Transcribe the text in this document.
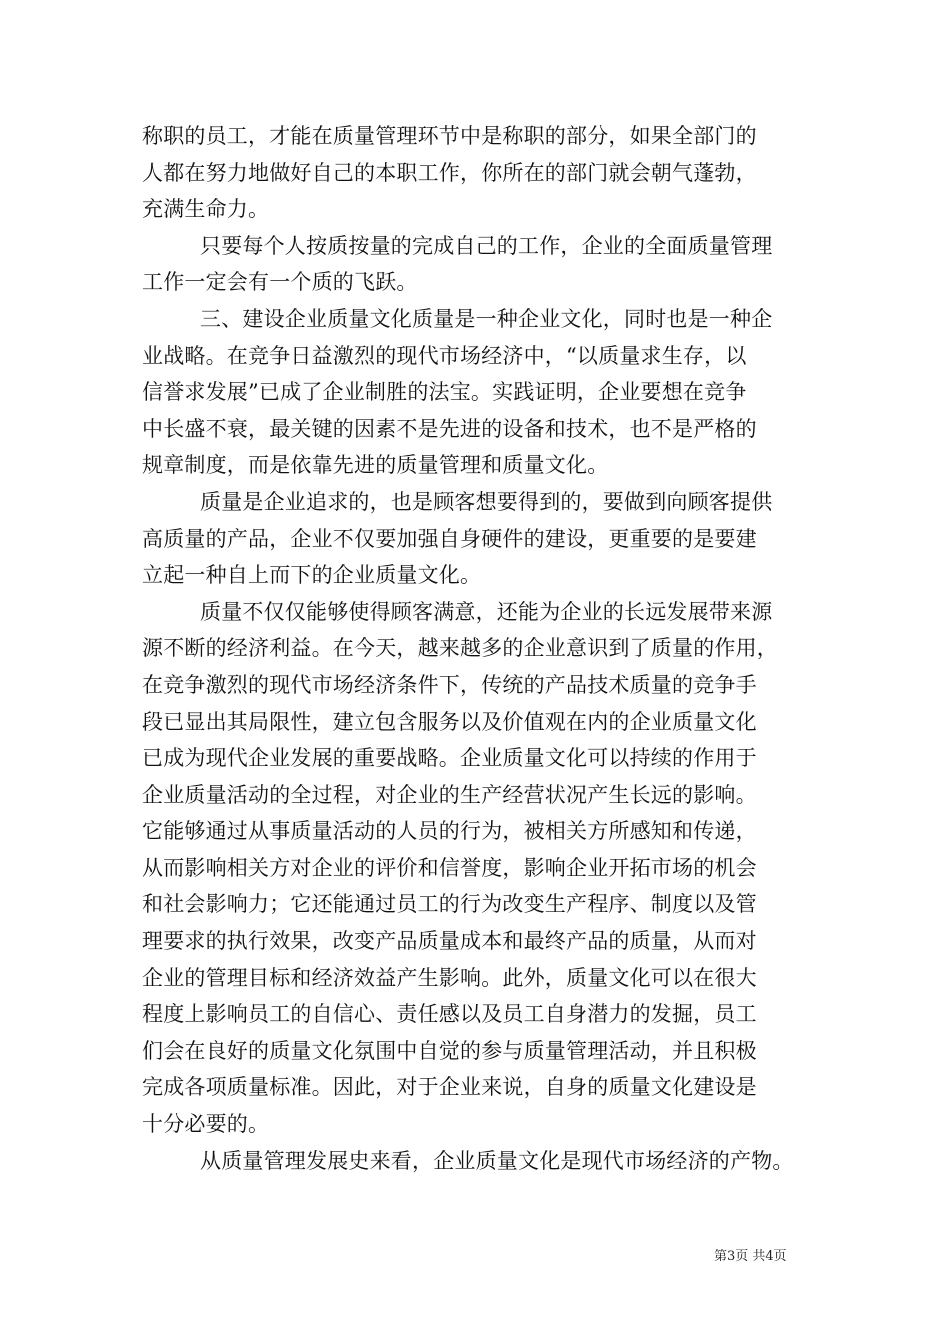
称职的员工，才能在质量管理环节中是称职的部分，如果全部门的
人都在努力地做好自己的本职工作，你所在的部门就会朝气蓬勃，
充满生命力。
只要每个人按质按量的完成自己的工作，企业的全面质量管理
工作一定会有一个质的飞跃。
三、建设企业质量文化质量是一种企业文化，同时也是一种企
业战略。在竞争日益激烈的现代市场经济中，“以质量求生存，以
信誉求发展”已成了企业制胜的法宝。实践证明，企业要想在竞争
中长盛不衰，最关键的因素不是先进的设备和技术，也不是严格的
规章制度，而是依靠先进的质量管理和质量文化。
质量是企业追求的，也是顾客想要得到的，要做到向顾客提供
高质量的产品，企业不仅要加强自身硬件的建设，更重要的是要建
立起一种自上而下的企业质量文化。
质量不仅仅能够使得顾客满意，还能为企业的长远发展带来源
源不断的经济利益。在今天，越来越多的企业意识到了质量的作用，
在竞争激烈的现代市场经济条件下，传统的产品技术质量的竞争手
段已显出其局限性，建立包含服务以及价值观在内的企业质量文化
已成为现代企业发展的重要战略。企业质量文化可以持续的作用于
企业质量活动的全过程，对企业的生产经营状况产生长远的影响。
它能够通过从事质量活动的人员的行为，被相关方所感知和传递，
从而影响相关方对企业的评价和信誉度，影响企业开拓市场的机会
和社会影响力；它还能通过员工的行为改变生产程序、制度以及管
理要求的执行效果，改变产品质量成本和最终产品的质量，从而对
企业的管理目标和经济效益产生影响。此外，质量文化可以在很大
程度上影响员工的自信心、责任感以及员工自身潜力的发掘，员工
们会在良好的质量文化氛围中自觉的参与质量管理活动，并且积极
完成各项质量标准。因此，对于企业来说，自身的质量文化建设是
十分必要的。
从质量管理发展史来看，企业质量文化是现代市场经济的产物。
第3页 共4页
